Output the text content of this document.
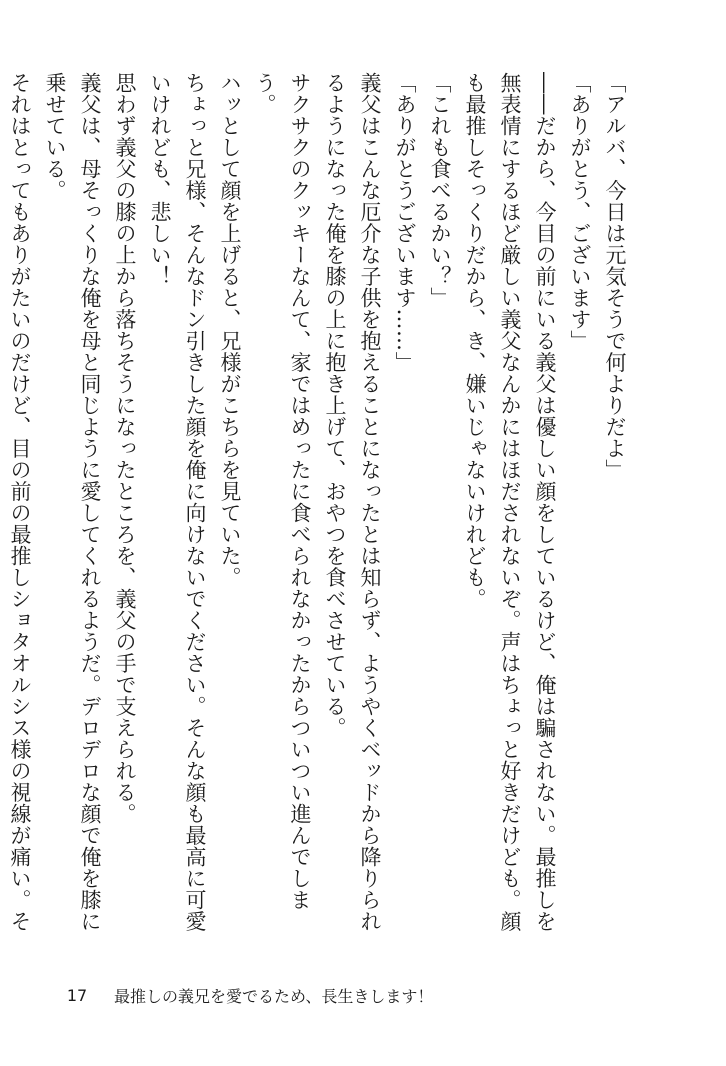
「アルバ、今日は元気そうで何よりだよ」

「ありがとう、ございます」

――だから、今目の前にいる義父は優しい顔をしているけど、俺は騙されない。最推しを無表情にするほど厳しい義父なんかにはほだされないぞ。声はちょっと好きだけども。顔も最推しそっくりだから、き、嫌いじゃないけれども。

「これも食べるかい？」

「ありがとうございます……」

義父はこんな厄介な子供を抱えることになったとは知らず、ようやくベッドから降りられるようになった俺を膝の上に抱き上げて、おやつを食べさせている。

サクサクのクッキーなんて、家ではめったに食べられなかったからついつい進んでしまう。

ハッとして顔を上げると、兄様がこちらを見ていた。

ちょっと兄様、そんなドン引きした顔を俺に向けないでください。そんな顔も最高に可愛いけれども、悲しい！

思わず義父の膝の上から落ちそうになったところを、義父の手で支えられる。

義父は、母そっくりな俺を母と同じように愛してくれるようだ。デロデロな顔で俺を膝に乗せている。

それはとってもありがたいのだけど、目の前の最推しショタオルシス様の視線が痛い。そ

17	最推しの義兄を愛でるため、長生きします！
